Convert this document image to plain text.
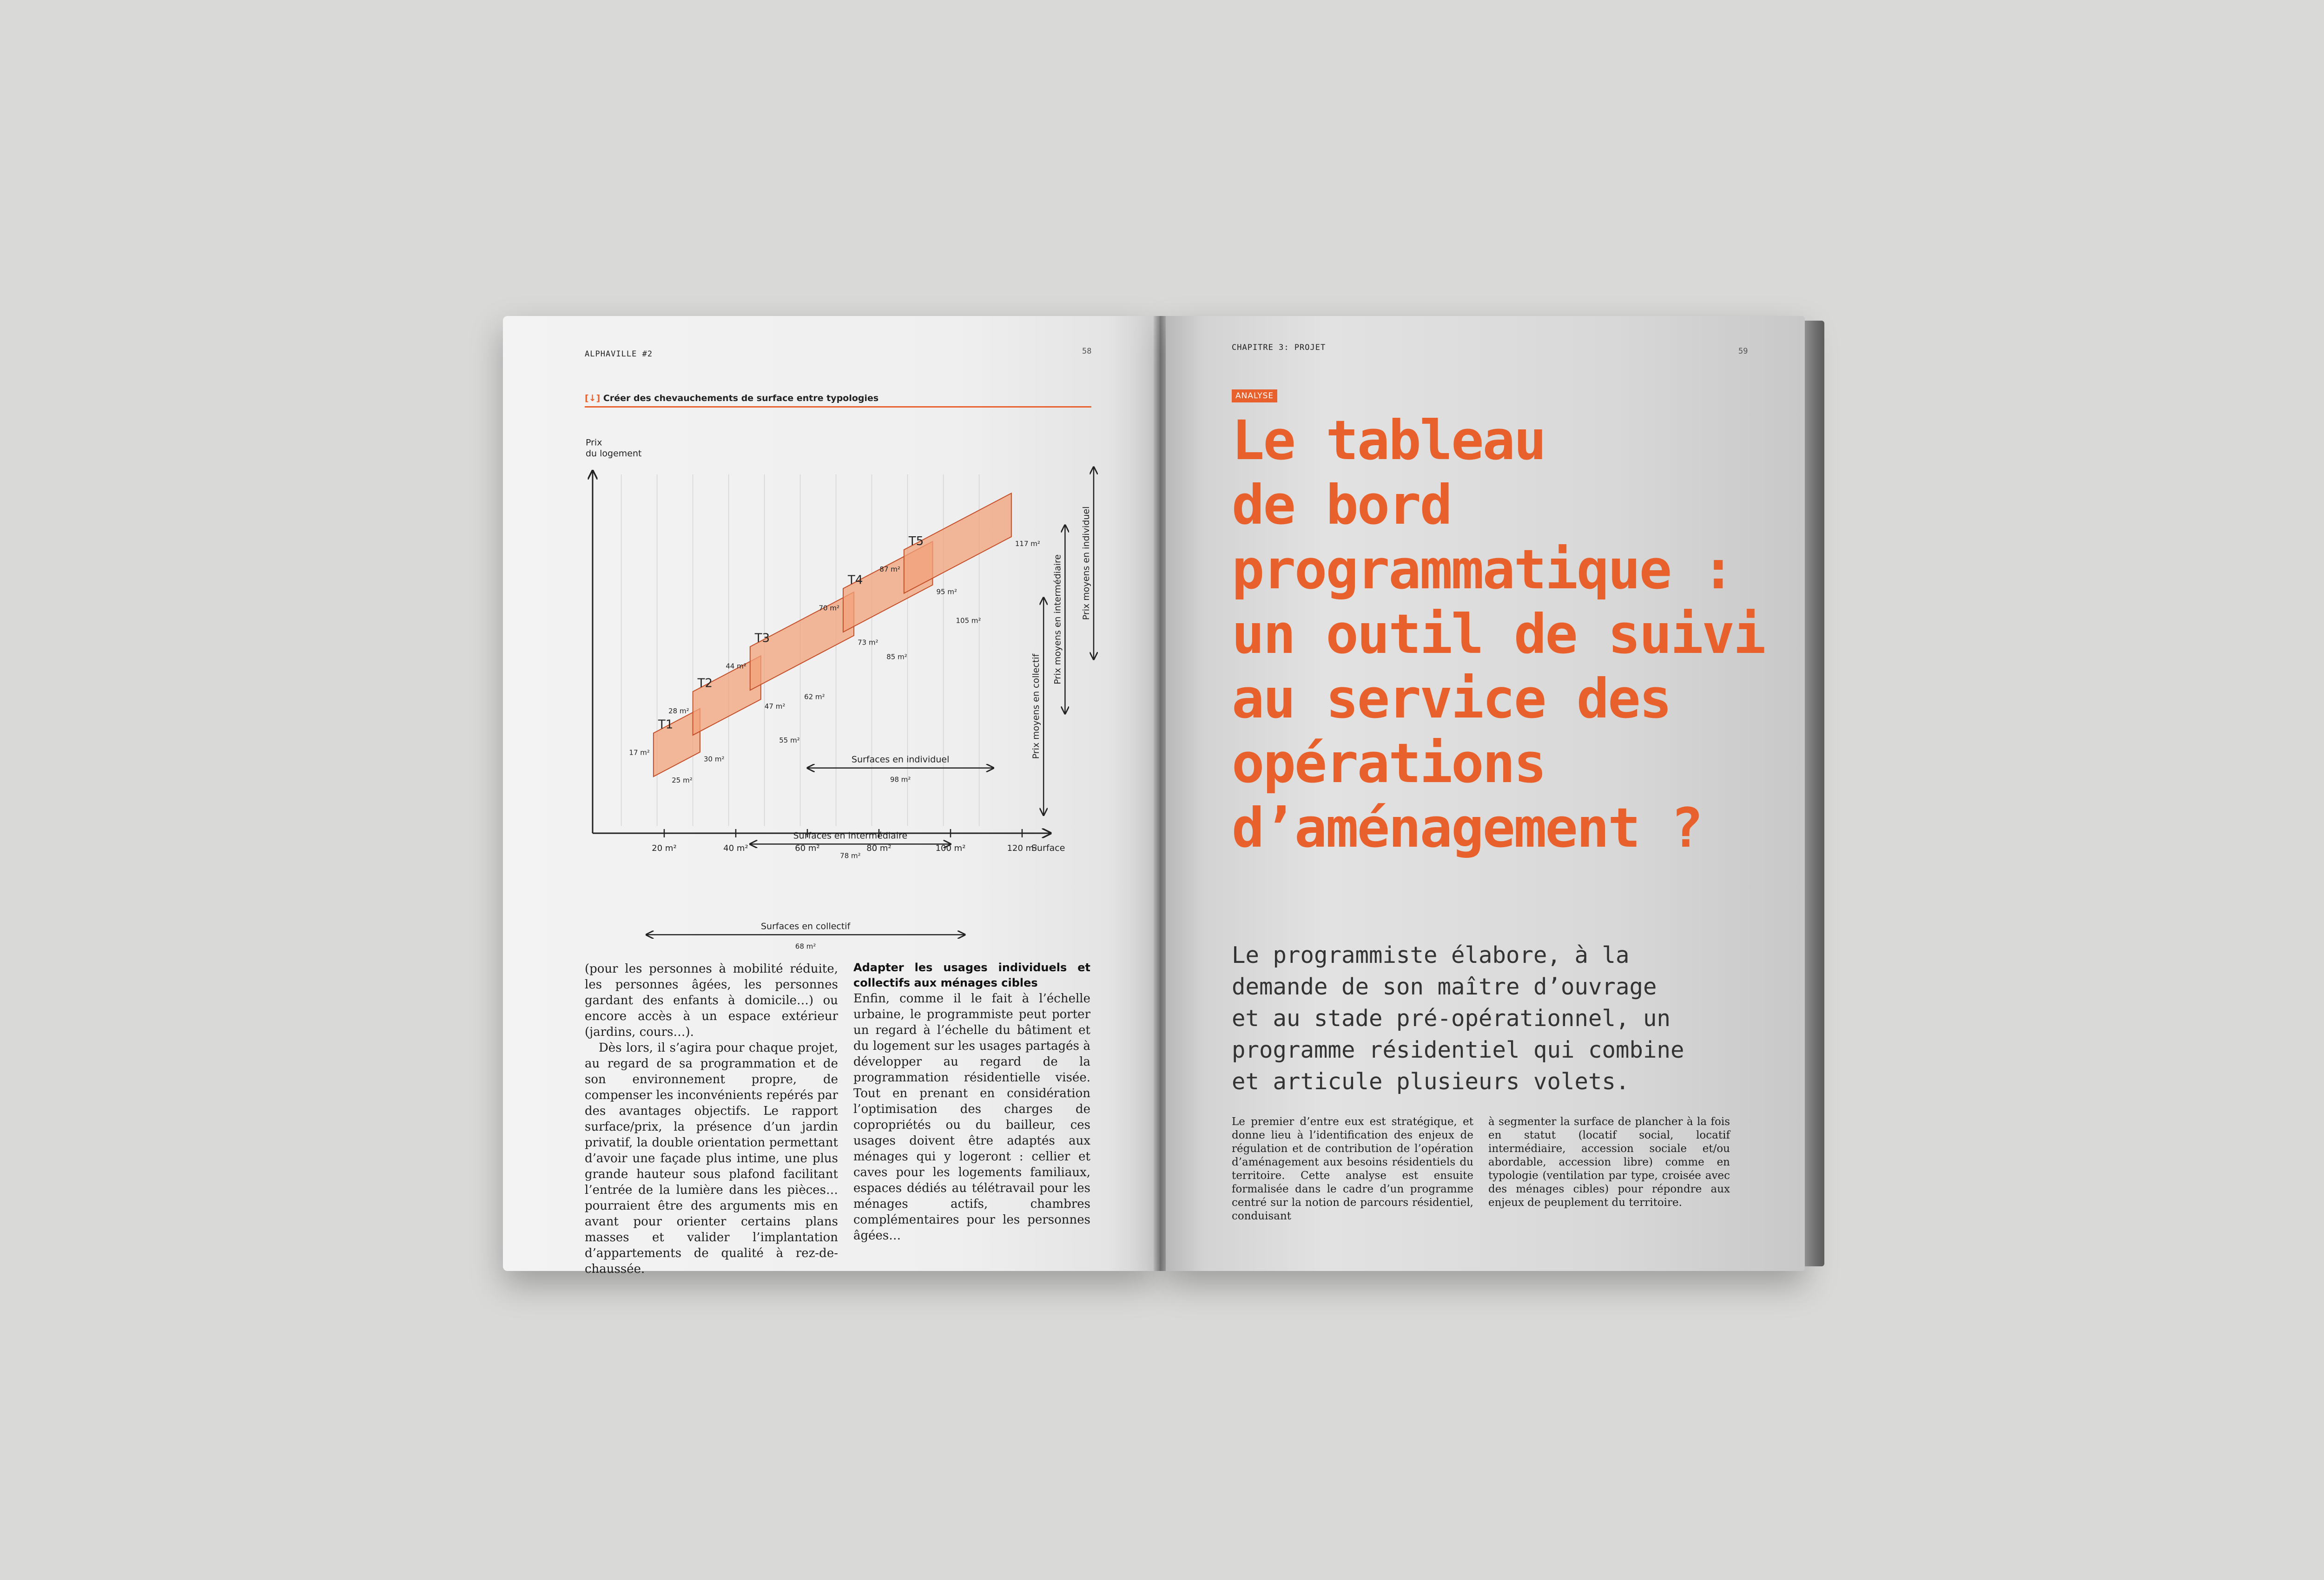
ALPHAVILLE #2	58
[↓] Créer des chevauchements de surface entre typologies
Prix
du logement
Surface
20 m²	40 m²	60 m²	80 m²	100 m²	120 m²
T1
17 m²
30 m²
T2
28 m²
47 m²
T3
44 m²
73 m²
T4
70 m²
95 m²
T5
87 m²
117 m²
25 m²
55 m²
62 m²
85 m²
105 m²
Surfaces en individuel
98 m²
Surfaces en intermédiaire
78 m²
Surfaces en collectif
68 m²
Prix moyens en collectif
Prix moyens en intermédiaire Prix moyens en individuel

(pour les personnes à mobilité réduite, les personnes âgées, les personnes gardant des enfants à domicile…) ou encore accès à un espace extérieur (jardins, cours…).

Dès lors, il s’agira pour chaque projet, au regard de sa programmation et de son environnement propre, de compenser les inconvénients repérés par des avantages objectifs. Le rapport surface/prix, la présence d’un jardin privatif, la double orientation permettant d’avoir une façade plus intime, une plus grande hauteur sous plafond facilitant l’entrée de la lumière dans les pièces… pourraient être des arguments mis en avant pour orienter certains plans masses et valider l’implantation d’appartements de qualité à rez-de-chaussée.

Adapter les usages individuels et collectifs aux ménages cibles

Enfin, comme il le fait à l’échelle urbaine, le programmiste peut porter un regard à l’échelle du bâtiment et du logement sur les usages partagés à développer au regard de la programmation résidentielle visée. Tout en prenant en considération l’optimisation des charges de copropriétés ou du bailleur, ces usages doivent être adaptés aux ménages qui y logeront : cellier et caves pour les logements familiaux, espaces dédiés au télétravail pour les ménages actifs, chambres complémentaires pour les personnes âgées…

CHAPITRE 3: PROJET	59
ANALYSE

Le tableau

de bord

programmatique :

un outil de suivi

au service des

opérations

d’aménagement ?

Le programmiste élabore, à la

demande de son maître d’ouvrage

et au stade pré-opérationnel, un

programme résidentiel qui combine

et articule plusieurs volets.

Le premier d’entre eux est stratégique, et donne lieu à l’identification des enjeux de régulation et de contribution de l’opération d’aménagement aux besoins résidentiels du territoire. Cette analyse est ensuite formalisée dans le cadre d’un programme centré sur la notion de parcours résidentiel, conduisant
à segmenter la surface de plancher à la fois en statut (locatif social, locatif intermédiaire, accession sociale et/ou abordable, accession libre) comme en typologie (ventilation par type, croisée avec des ménages cibles) pour répondre aux enjeux de peuplement du territoire.
